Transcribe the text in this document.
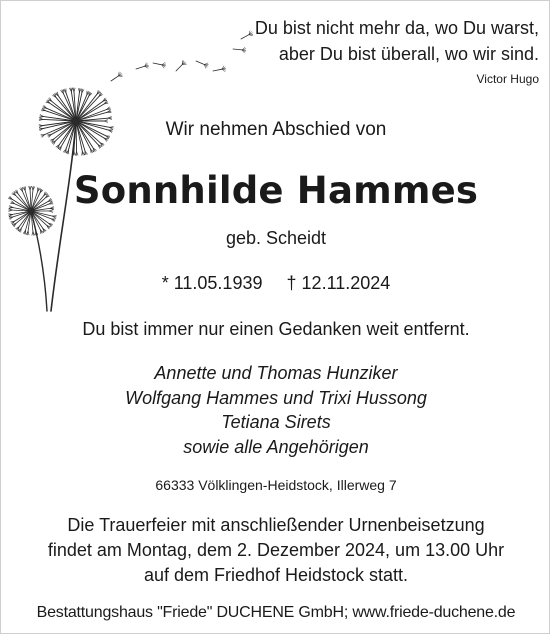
Du bist nicht mehr da, wo Du warst,
aber Du bist überall, wo wir sind.
Victor Hugo
Wir nehmen Abschied von
Sonnhilde Hammes
geb. Scheidt
* 11.05.1939 † 12.11.2024
Du bist immer nur einen Gedanken weit entfernt.
Annette und Thomas Hunziker
Wolfgang Hammes und Trixi Hussong
Tetiana Sirets
sowie alle Angehörigen
66333 Völklingen-Heidstock, Illerweg 7
Die Trauerfeier mit anschließender Urnenbeisetzung
findet am Montag, dem 2. Dezember 2024, um 13.00 Uhr
auf dem Friedhof Heidstock statt.
Bestattungshaus "Friede" DUCHENE GmbH; www.friede-duchene.de
